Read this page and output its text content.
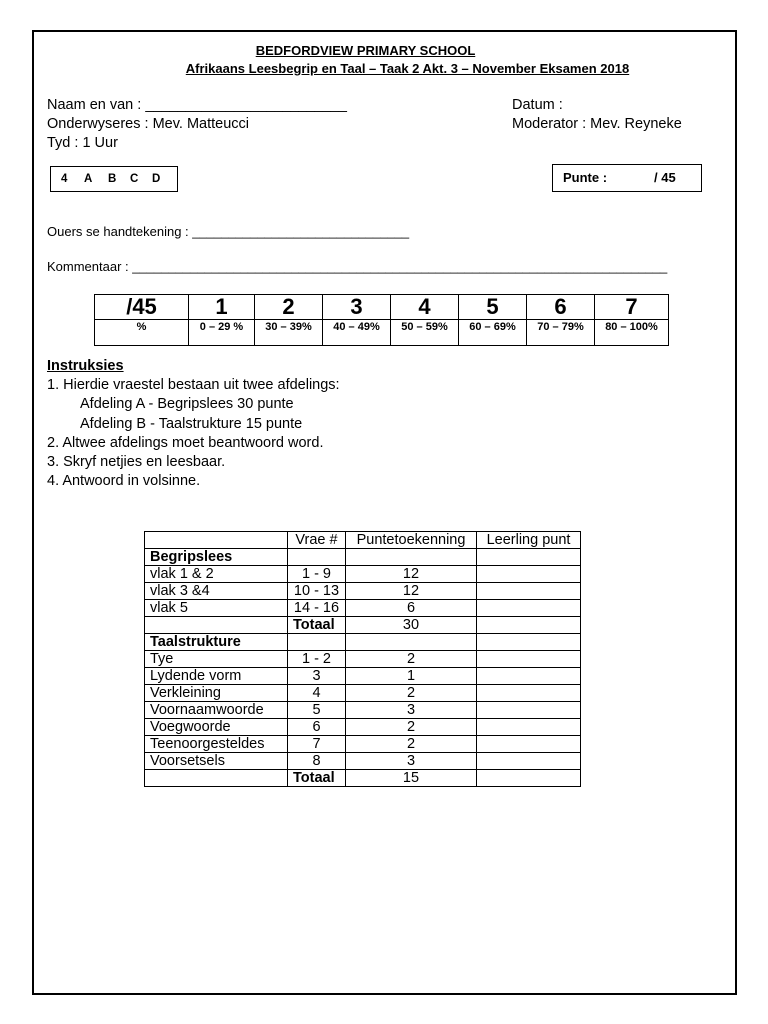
BEDFORDVIEW PRIMARY SCHOOL
Afrikaans Leesbegrip en Taal – Taak 2 Akt. 3 – November Eksamen 2018
Naam en van : _________________________
Onderwyseres : Mev. Matteucci
Tyd : 1 Uur
Datum :
Moderator : Mev. Reyneke
4 A B C D	Punte :	/ 45
Ouers se handtekening : ______________________________
Kommentaar : __________________________________________________________________________
/45	1	2	3	4	5	6	7
%	0 – 29 %	30 – 39%	40 – 49%	50 – 59%	60 – 69%	70 – 79%	80 – 100%
Instruksies
1. Hierdie vraestel bestaan uit twee afdelings:
Afdeling A - Begripslees 30 punte
Afdeling B - Taalstrukture 15 punte
2. Altwee afdelings moet beantwoord word.
3. Skryf netjies en leesbaar.
4. Antwoord in volsinne.
	Vrae #	Puntetoekenning	Leerling punt
Begripslees			
vlak 1 & 2	1 - 9	12	
vlak 3 &4	10 - 13	12	
vlak 5	14 - 16	6	
	Totaal	30	
Taalstrukture			
Tye	1 - 2	2	
Lydende vorm	3	1	
Verkleining	4	2	
Voornaamwoorde	5	3	
Voegwoorde	6	2	
Teenoorgesteldes	7	2	
Voorsetsels	8	3	
	Totaal	15	
